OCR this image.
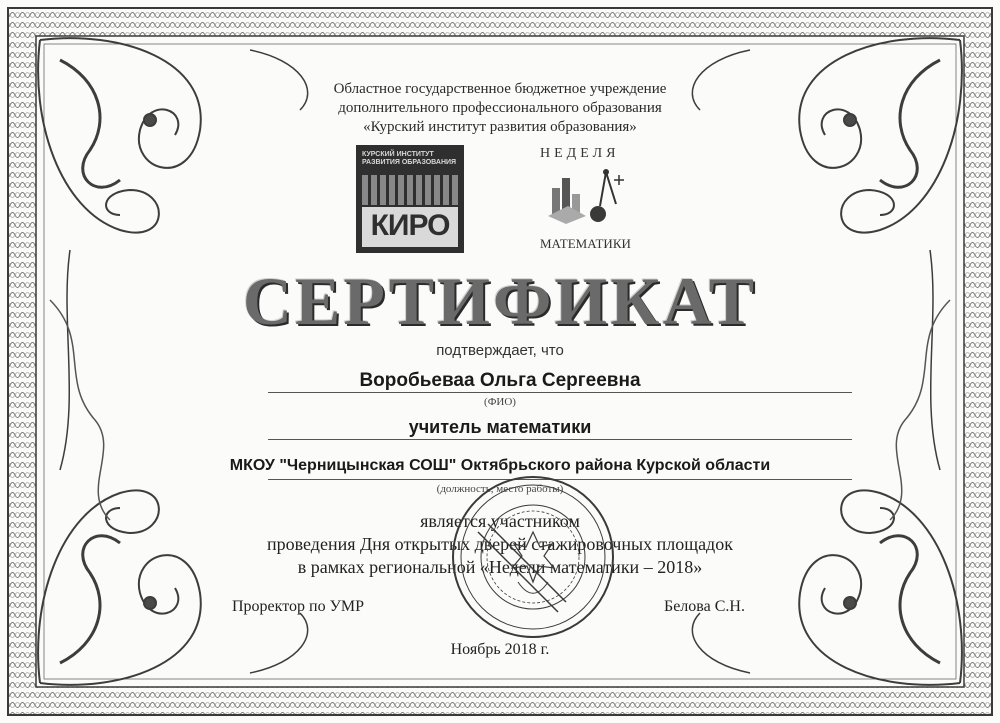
Областное государственное бюджетное учреждение
дополнительного профессионального образования
«Курский институт развития образования»
КУРСКИЙ ИНСТИТУТ РАЗВИТИЯ ОБРАЗОВАНИЯ
КИРО
НЕДЕЛЯ
МАТЕМАТИКИ
СЕРТИФИКАТ
подтверждает, что
Воробьеваа Ольга Сергеевна
(ФИО)
учитель математики
МКОУ "Черницынская СОШ" Октябрьского района Курской области
(должность, место работы)
является участником
проведения Дня открытых дверей стажировочных площадок
в рамках региональной «Недели математики – 2018»
Проректор по УМР	Белова С.Н.
Ноябрь 2018 г.
